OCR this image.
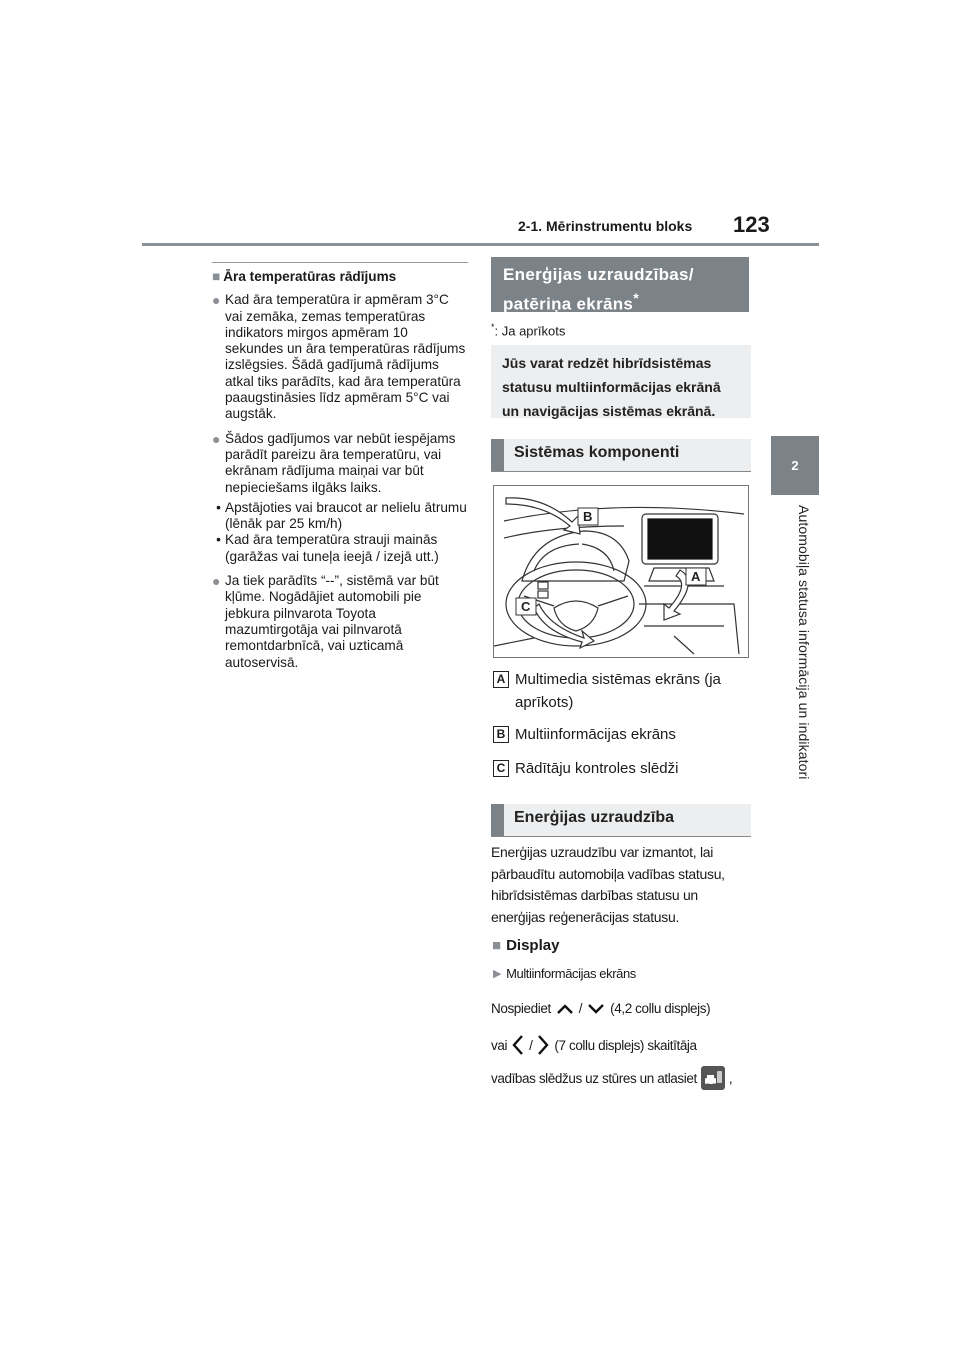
2-1. Mērinstrumentu bloks 123
2
Automobiļa statusa informācija un indikatori
■ Āra temperatūras rādījums
● Kad āra temperatūra ir apmēram 3°C vai zemāka, zemas temperatūras indikators mirgos apmēram 10 sekundes un āra temperatūras rādījums izslēgsies. Šādā gadījumā rādījums atkal tiks parādīts, kad āra temperatūra paaugstināsies līdz apmēram 5°C vai augstāk.
● Šādos gadījumos var nebūt iespējams parādīt pareizu āra temperatūru, vai ekrānam rādījuma maiņai var būt nepieciešams ilgāks laiks.
• Apstājoties vai braucot ar nelielu ātrumu (lēnāk par 25 km/h)
• Kad āra temperatūra strauji mainās (garāžas vai tuneļa ieejā / izejā utt.)
● Ja tiek parādīts “--”, sistēmā var būt kļūme. Nogādājiet automobili pie jebkura pilnvarota Toyota mazumtirgotāja vai pilnvarotā remontdarbnīcā, vai uzticamā autoservisā.
Enerģijas uzraudzības/
patēriņa ekrāns*
*: Ja aprīkots
Jūs varat redzēt hibrīdsistēmas
statusu multiinformācijas ekrānā
un navigācijas sistēmas ekrānā.
Sistēmas komponenti
B
A
C
A Multimedia sistēmas ekrāns (ja
aprīkots)
B Multiinformācijas ekrāns
C Rādītāju kontroles slēdži
Enerģijas uzraudzība
Enerģijas uzraudzību var izmantot, lai
pārbaudītu automobiļa vadības statusu,
hibrīdsistēmas darbības statusu un
enerģijas reģenerācijas statusu.
■ Display
▶ Multiinformācijas ekrāns
Nospiediet / (4,2 collu displejs)
vai / (7 collu displejs) skaitītāja
vadības slēdžus uz stūres un atlasiet ,
